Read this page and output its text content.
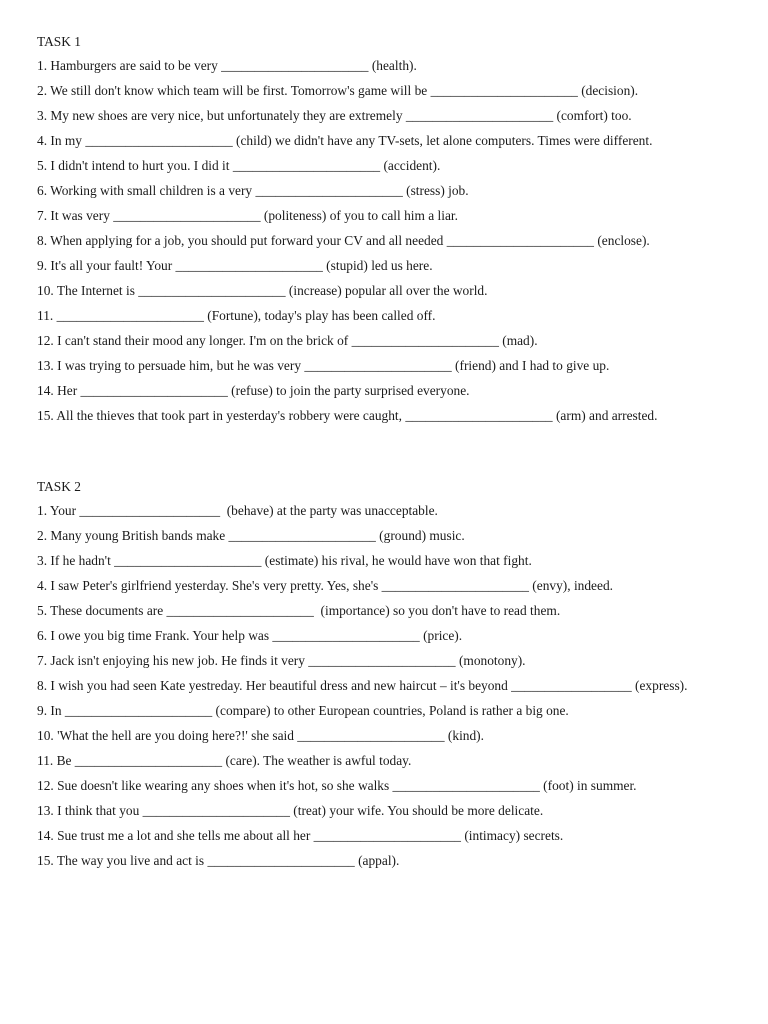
TASK 1
1. Hamburgers are said to be very ______________________ (health).
2. We still don't know which team will be first. Tomorrow's game will be ______________________ (decision).
3. My new shoes are very nice, but unfortunately they are extremely ______________________ (comfort) too.
4. In my ______________________ (child) we didn't have any TV-sets, let alone computers. Times were different.
5. I didn't intend to hurt you. I did it ______________________ (accident).
6. Working with small children is a very ______________________ (stress) job.
7. It was very ______________________ (politeness) of you to call him a liar.
8. When applying for a job, you should put forward your CV and all needed ______________________ (enclose).
9. It's all your fault! Your ______________________ (stupid) led us here.
10. The Internet is ______________________ (increase) popular all over the world.
11. ______________________ (Fortune), today's play has been called off.
12. I can't stand their mood any longer. I'm on the brick of ______________________ (mad).
13. I was trying to persuade him, but he was very ______________________ (friend) and I had to give up.
14. Her ______________________ (refuse) to join the party surprised everyone.
15. All the thieves that took part in yesterday's robbery were caught, ______________________ (arm) and arrested.
TASK 2
1. Your _____________________  (behave) at the party was unacceptable.
2. Many young British bands make ______________________ (ground) music.
3. If he hadn't ______________________ (estimate) his rival, he would have won that fight.
4. I saw Peter's girlfriend yesterday. She's very pretty. Yes, she's ______________________ (envy), indeed.
5. These documents are ______________________  (importance) so you don't have to read them.
6. I owe you big time Frank. Your help was ______________________ (price).
7. Jack isn't enjoying his new job. He finds it very ______________________ (monotony).
8. I wish you had seen Kate yestreday. Her beautiful dress and new haircut – it's beyond __________________ (express).
9. In ______________________ (compare) to other European countries, Poland is rather a big one.
10. 'What the hell are you doing here?!' she said ______________________ (kind).
11. Be ______________________ (care). The weather is awful today.
12. Sue doesn't like wearing any shoes when it's hot, so she walks ______________________ (foot) in summer.
13. I think that you ______________________ (treat) your wife. You should be more delicate.
14. Sue trust me a lot and she tells me about all her ______________________ (intimacy) secrets.
15. The way you live and act is ______________________ (appal).
